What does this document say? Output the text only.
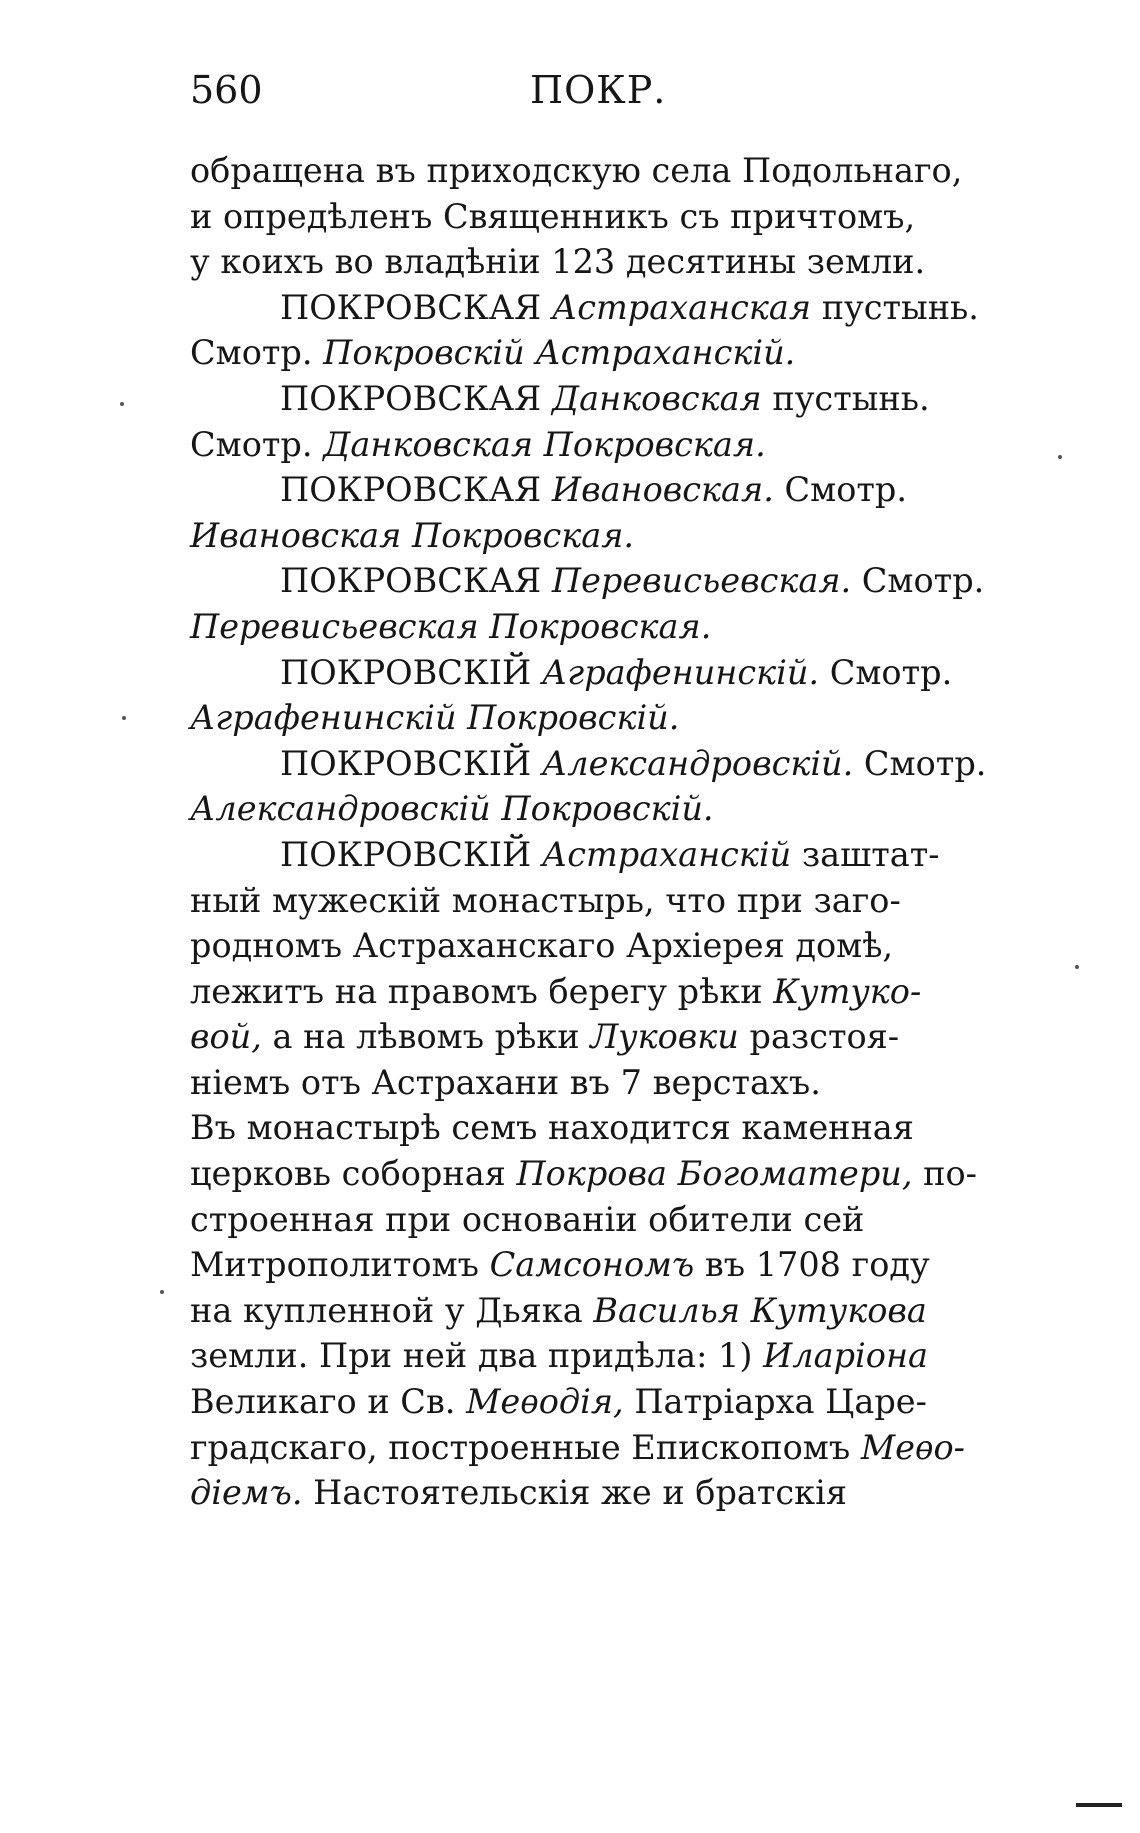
560	ПОКР.
обращена въ приходскую села Подольнаго,
и опредѣленъ Священникъ съ причтомъ,
у коихъ во владѣніи 123 десятины земли.
ПОКРОВСКАЯ Астраханская пустынь.
Смотр. Покровскій Астраханскій.
ПОКРОВСКАЯ Данковская пустынь.
Смотр. Данковская Покровская.
ПОКРОВСКАЯ Ивановская. Смотр.
Ивановская Покровская.
ПОКРОВСКАЯ Перевисьевская. Смотр.
Перевисьевская Покровская.
ПОКРОВСКІЙ Аграфенинскій. Смотр.
Аграфенинскій Покровскій.
ПОКРОВСКІЙ Александровскій. Смотр.
Александровскій Покровскій.
ПОКРОВСКІЙ Астраханскій заштат-
ный мужескій монастырь, что при заго-
родномъ Астраханскаго Архіерея домѣ,
лежитъ на правомъ берегу рѣки Кутуко-
вой, а на лѣвомъ рѣки Луковки разстоя-
ніемъ отъ Астрахани въ 7 верстахъ.
Въ монастырѣ семъ находится каменная
церковь соборная Покрова Богоматери, по-
строенная при основаніи обители сей
Митрополитомъ Самсономъ въ 1708 году
на купленной у Дьяка Василья Кутукова
земли. При ней два придѣла: 1) Иларіона
Великаго и Св. Меѳодія, Патріарха Царе-
градскаго, построенные Епископомъ Меѳо-
діемъ. Настоятельскія же и братскія
